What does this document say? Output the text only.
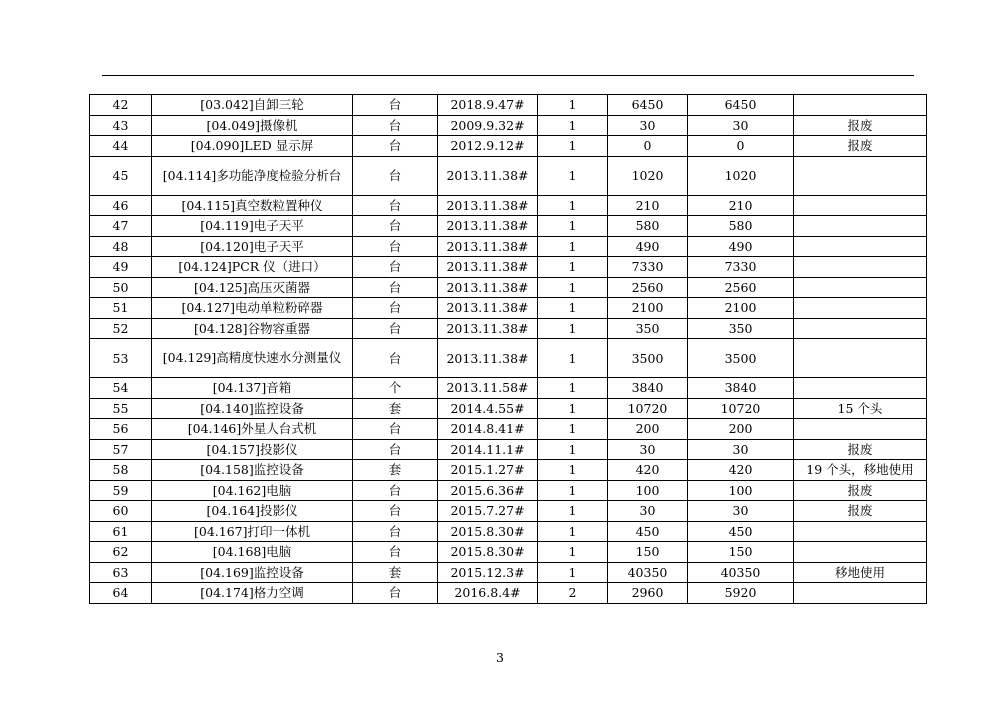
42	[03.042]自卸三轮	台	2018.9.47#	1	6450	6450	
43	[04.049]摄像机	台	2009.9.32#	1	30	30	报废
44	[04.090]LED 显示屏	台	2012.9.12#	1	0	0	报废
45	[04.114]多功能净度检验分析台	台	2013.11.38#	1	1020	1020	
46	[04.115]真空数粒置种仪	台	2013.11.38#	1	210	210	
47	[04.119]电子天平	台	2013.11.38#	1	580	580	
48	[04.120]电子天平	台	2013.11.38#	1	490	490	
49	[04.124]PCR 仪（进口）	台	2013.11.38#	1	7330	7330	
50	[04.125]高压灭菌器	台	2013.11.38#	1	2560	2560	
51	[04.127]电动单粒粉碎器	台	2013.11.38#	1	2100	2100	
52	[04.128]谷物容重器	台	2013.11.38#	1	350	350	
53	[04.129]高精度快速水分测量仪	台	2013.11.38#	1	3500	3500	
54	[04.137]音箱	个	2013.11.58#	1	3840	3840	
55	[04.140]监控设备	套	2014.4.55#	1	10720	10720	15 个头
56	[04.146]外星人台式机	台	2014.8.41#	1	200	200	
57	[04.157]投影仪	台	2014.11.1#	1	30	30	报废
58	[04.158]监控设备	套	2015.1.27#	1	420	420	19 个头，移地使用
59	[04.162]电脑	台	2015.6.36#	1	100	100	报废
60	[04.164]投影仪	台	2015.7.27#	1	30	30	报废
61	[04.167]打印一体机	台	2015.8.30#	1	450	450	
62	[04.168]电脑	台	2015.8.30#	1	150	150	
63	[04.169]监控设备	套	2015.12.3#	1	40350	40350	移地使用
64	[04.174]格力空调	台	2016.8.4#	2	2960	5920	
3
